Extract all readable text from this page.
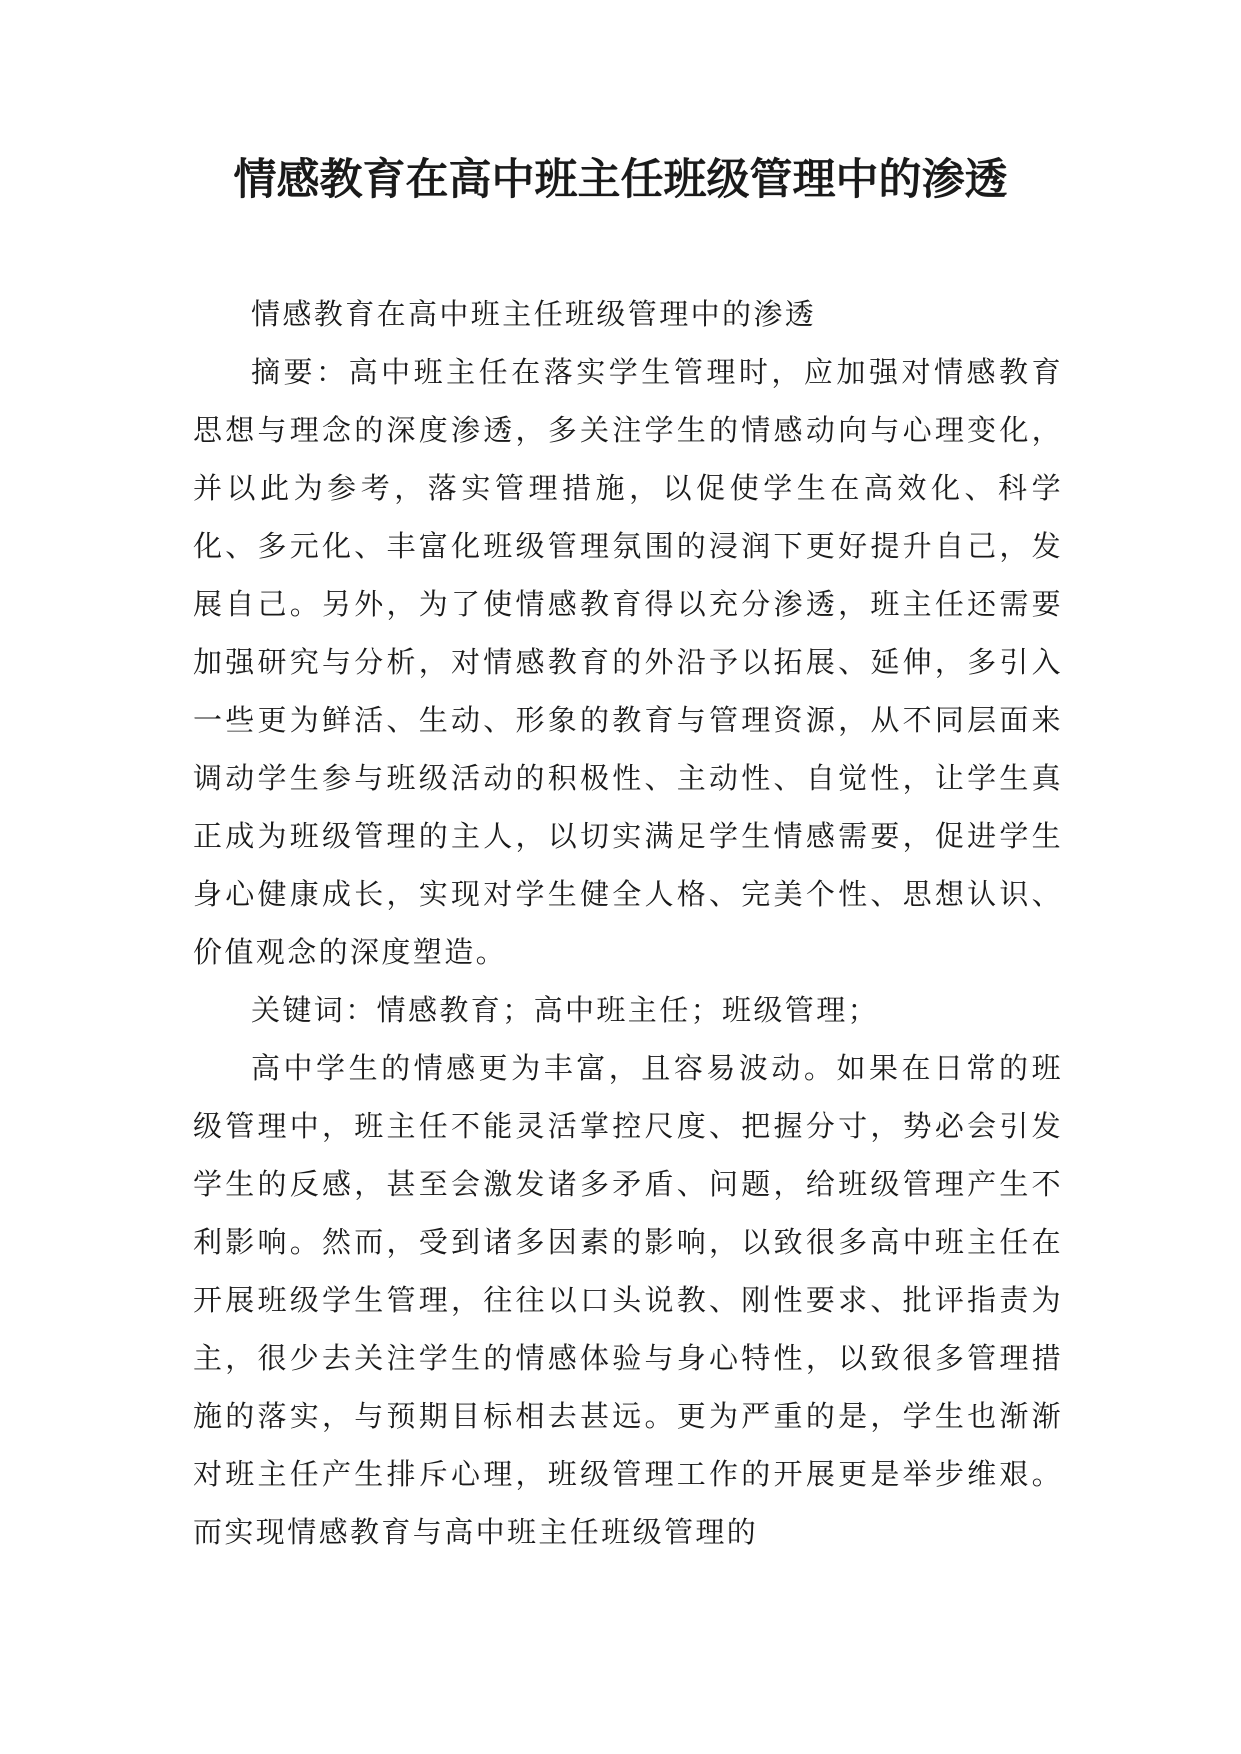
情感教育在高中班主任班级管理中的渗透

情感教育在高中班主任班级管理中的渗透

摘要：高中班主任在落实学生管理时，应加强对情感教育思想与理念的深度渗透，多关注学生的情感动向与心理变化，并以此为参考，落实管理措施，以促使学生在高效化、科学化、多元化、丰富化班级管理氛围的浸润下更好提升自己，发展自己。另外，为了使情感教育得以充分渗透，班主任还需要加强研究与分析，对情感教育的外沿予以拓展、延伸，多引入一些更为鲜活、生动、形象的教育与管理资源，从不同层面来调动学生参与班级活动的积极性、主动性、自觉性，让学生真正成为班级管理的主人，以切实满足学生情感需要，促进学生身心健康成长，实现对学生健全人格、完美个性、思想认识、价值观念的深度塑造。

关键词：情感教育；高中班主任；班级管理；

高中学生的情感更为丰富，且容易波动。如果在日常的班级管理中，班主任不能灵活掌控尺度、把握分寸，势必会引发学生的反感，甚至会激发诸多矛盾、问题，给班级管理产生不利影响。然而，受到诸多因素的影响，以致很多高中班主任在开展班级学生管理，往往以口头说教、刚性要求、批评指责为主，很少去关注学生的情感体验与身心特性，以致很多管理措施的落实，与预期目标相去甚远。更为严重的是，学生也渐渐对班主任产生排斥心理，班级管理工作的开展更是举步维艰。而实现情感教育与高中班主任班级管理的
